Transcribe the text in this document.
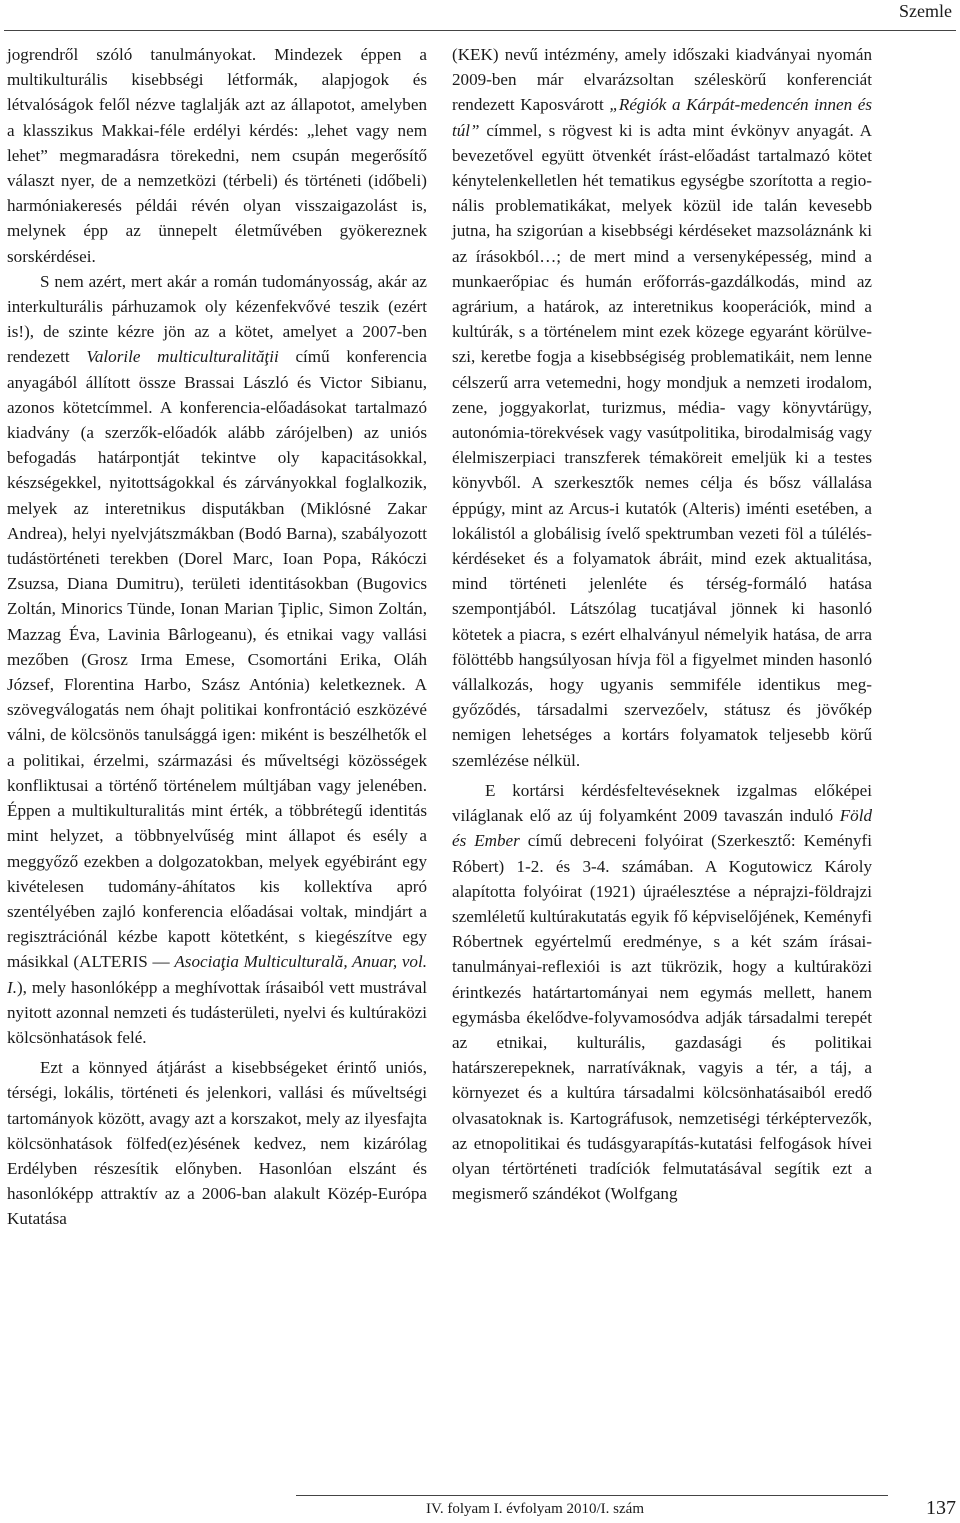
Szemle

jogrendről szóló tanulmányokat. Mindezek éppen a multikulturális kisebbségi létformák, alapjogok és létvalóságok felől nézve taglalják azt az állapotot, amelyben a klasszikus Makkai-féle erdélyi kérdés: „lehet vagy nem lehet” megmaradásra törekedni, nem csupán megerősítő választ nyer, de a nemzetközi (térbeli) és történeti (időbeli) harmóniakeresés példái révén olyan visszaigazolást is, melynek épp az ünnepelt életművében gyökereznek sorskérdései.

S nem azért, mert akár a román tudományosság, akár az interkulturális párhuzamok oly kézenfekvővé teszik (ezért is!), de szinte kézre jön az a kötet, amelyet a 2007-ben rendezett Valorile multiculturalităţii című konferencia anyagából állított össze Brassai László és Victor Sibianu, azonos kötetcímmel. A konferencia-előadásokat tartalmazó kiadvány (a szerzők-előadók alább zárójelben) az uniós befogadás határpontját tekintve oly kapacitásokkal, készségekkel, nyitottságokkal és zárványokkal foglalkozik, melyek az interetnikus disputákban (Miklósné Zakar Andrea), helyi nyelvjátszmákban (Bodó Barna), szabályozott tudástörténeti terekben (Dorel Marc, Ioan Popa, Rákóczi Zsuzsa, Diana Dumitru), területi identitásokban (Bugovics Zoltán, Minorics Tünde, Ionan Marian Ţiplic, Simon Zoltán, Mazzag Éva, Lavinia Bârlogeanu), és etnikai vagy vallási mezőben (Grosz Irma Emese, Csomortáni Erika, Oláh József, Florentina Harbo, Szász Antónia) keletkeznek. A szövegválogatás nem óhajt politikai konfrontáció eszközévé válni, de kölcsönös tanulsággá igen: miként is beszélhetők el a politikai, érzelmi, származási és műveltségi közösségek konfliktusai a történő történelem múltjában vagy jelenében. Éppen a multikulturalitás mint érték, a többrétegű identitás mint helyzet, a többnyelvűség mint állapot és esély a meggyőző ezekben a dolgozatokban, melyek egyébiránt egy kivételesen tudomány-áhítatos kis kollektíva apró szentélyében zajló konferencia előadásai voltak, mindjárt a regisztrációnál kézbe kapott kötetként, s kiegészítve egy másikkal (ALTERIS — Asociaţia Multiculturală, Anuar, vol. I.), mely hasonlóképp a meghívottak írásaiból vett mustrával nyitott azonnal nemzeti és tudásterületi, nyelvi és kultúraközi kölcsönhatások felé.

Ezt a könnyed átjárást a kisebbségeket érintő uniós, térségi, lokális, történeti és jelenkori, vallási és műveltségi tartományok között, avagy azt a korszakot, mely az ilyesfajta kölcsönhatások fölfed(ez)ésének kedvez, nem kizárólag Erdélyben részesítik előnyben. Hasonlóan elszánt és hasonlóképp attraktív az a 2006-ban alakult Közép-Európa Kutatása

(KEK) nevű intézmény, amely időszaki kiadványai nyomán 2009-ben már elvarázsoltan széleskörű konferenciát rendezett Kaposvárott „Régiók a Kárpát-medencén innen és túl” címmel, s rögvest ki is adta mint évkönyv anyagát. A bevezetővel együtt ötvenkét írást-előadást tartalmazó kötet kénytelenkelletlen hét tematikus egységbe szorította a regionális problematikákat, melyek közül ide talán kevesebb jutna, ha szigorúan a kisebbségi kérdéseket mazsoláznánk ki az írásokból…; de mert mind a versenyképesség, mind a munkaerőpiac és humán erőforrás-gazdálkodás, mind az agrárium, a határok, az interetnikus kooperációk, mind a kultúrák, s a történelem mint ezek közege egyaránt körülveszi, keretbe fogja a kisebbségiség problematikáit, nem lenne célszerű arra vetemedni, hogy mondjuk a nemzeti irodalom, zene, joggyakorlat, turizmus, média- vagy könyvtárügy, autonómia-törekvések vagy vasútpolitika, birodalmiság vagy élelmiszerpiaci transzferek témaköreit emeljük ki a testes könyvből. A szerkesztők nemes célja és bősz vállalása éppúgy, mint az Arcus-i kutatók (Alteris) iménti esetében, a lokálistól a globálisig ívelő spektrumban vezeti föl a túlélés-kérdéseket és a folyamatok ábráit, mind ezek aktualitása, mind történeti jelenléte és térség-formáló hatása szempontjából. Látszólag tucatjával jönnek ki hasonló kötetek a piacra, s ezért elhalványul némelyik hatása, de arra fölöttébb hangsúlyosan hívja föl a figyelmet minden hasonló vállalkozás, hogy ugyanis semmiféle identikus meggyőződés, társadalmi szervezőelv, státusz és jövőkép nemigen lehetséges a kortárs folyamatok teljesebb körű szemlézése nélkül.

E kortársi kérdésfeltevéseknek izgalmas előképei világlanak elő az új folyamként 2009 tavaszán induló Föld és Ember című debreceni folyóirat (Szerkesztő: Keményfi Róbert) 1-2. és 3-4. számában. A Kogutowicz Károly alapította folyóirat (1921) újraélesztése a néprajzi-földrajzi szemléletű kultúrakutatás egyik fő képviselőjének, Keményfi Róbertnek egyértelmű eredménye, s a két szám írásai-tanulmányai-reflexiói is azt tükrözik, hogy a kultúraközi érintkezés határtartományai nem egymás mellett, hanem egymásba ékelődve-folyvamosódva adják társadalmi terepét az etnikai, kulturális, gazdasági és politikai határszerepeknek, narratíváknak, vagyis a tér, a táj, a környezet és a kultúra társadalmi kölcsönhatásaiból eredő olvasatoknak is. Kartográfusok, nemzetiségi térképtervezők, az etnopolitikai és tudásgyarapítás-kutatási felfogások hívei olyan tértörténeti tradíciók felmutatásával segítik ezt a megismerő szándékot (Wolfgang

IV. folyam I. évfolyam 2010/I. szám	137
